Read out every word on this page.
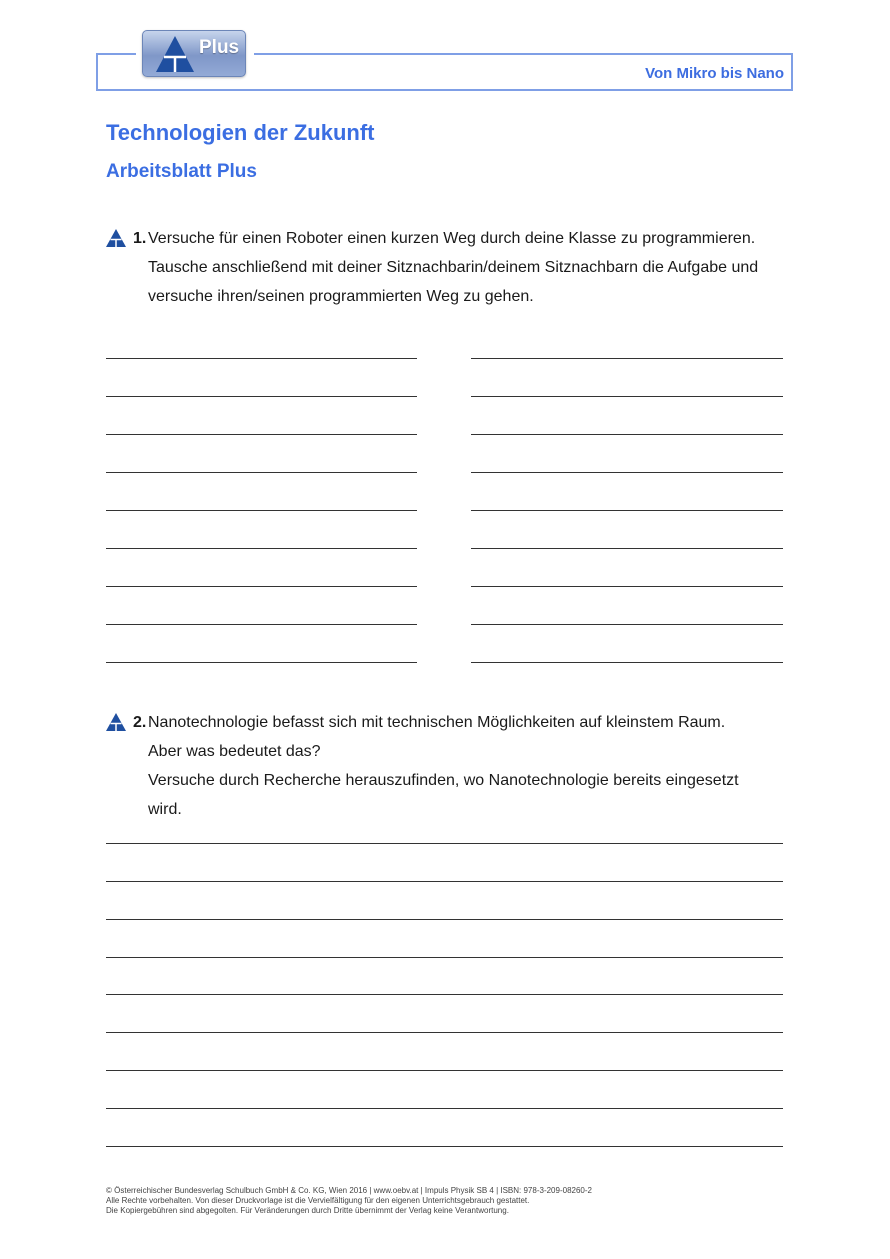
Plus
Von Mikro bis Nano
Technologien der Zukunft
Arbeitsblatt Plus
1. Versuche für einen Roboter einen kurzen Weg durch deine Klasse zu programmieren.
Tausche anschließend mit deiner Sitznachbarin/deinem Sitznachbarn die Aufgabe und
versuche ihren/seinen programmierten Weg zu gehen.
2. Nanotechnologie befasst sich mit technischen Möglichkeiten auf kleinstem Raum.
Aber was bedeutet das?
Versuche durch Recherche herauszufinden, wo Nanotechnologie bereits eingesetzt
wird.
© Österreichischer Bundesverlag Schulbuch GmbH & Co. KG, Wien 2016 | www.oebv.at | Impuls Physik SB 4 | ISBN: 978-3-209-08260-2
Alle Rechte vorbehalten. Von dieser Druckvorlage ist die Vervielfältigung für den eigenen Unterrichtsgebrauch gestattet.
Die Kopiergebühren sind abgegolten. Für Veränderungen durch Dritte übernimmt der Verlag keine Verantwortung.
